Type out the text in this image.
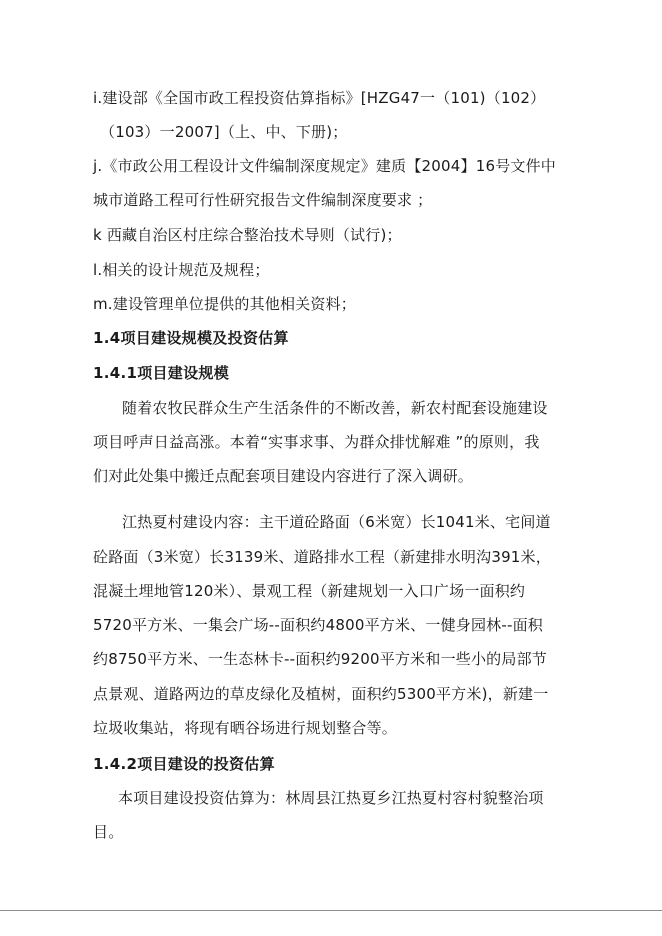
i.建设部《全国市政工程投资估算指标》[HZG47一（101)（102）
（103）一2007]（上、中、下册)；
j.《市政公用工程设计文件编制深度规定》建质【2004】16号文件中
城市道路工程可行性研究报告文件编制深度要求 ；
k 西藏自治区村庄综合整治技术导则（试行)；
l.相关的设计规范及规程；
m.建设管理单位提供的其他相关资料；
1.4项目建设规模及投资估算
1.4.1项目建设规模
随着农牧民群众生产生活条件的不断改善，新农村配套设施建设
项目呼声日益高涨。本着“实事求事、为群众排忧解难 ”的原则，我
们对此处集中搬迁点配套项目建设内容进行了深入调研。
江热夏村建设内容：主干道砼路面（6米宽）长1041米、宅间道
砼路面（3米宽）长3139米、道路排水工程（新建排水明沟391米，
混凝土埋地管120米）、景观工程（新建规划一入口广场一面积约
5720平方米、一集会广场--面积约4800平方米、一健身园林--面积
约8750平方米、一生态林卡--面积约9200平方米和一些小的局部节
点景观、道路两边的草皮绿化及植树，面积约5300平方米)，新建一
垃圾收集站，将现有晒谷场进行规划整合等。
1.4.2项目建设的投资估算
本项目建设投资估算为：林周县江热夏乡江热夏村容村貌整治项
目。
